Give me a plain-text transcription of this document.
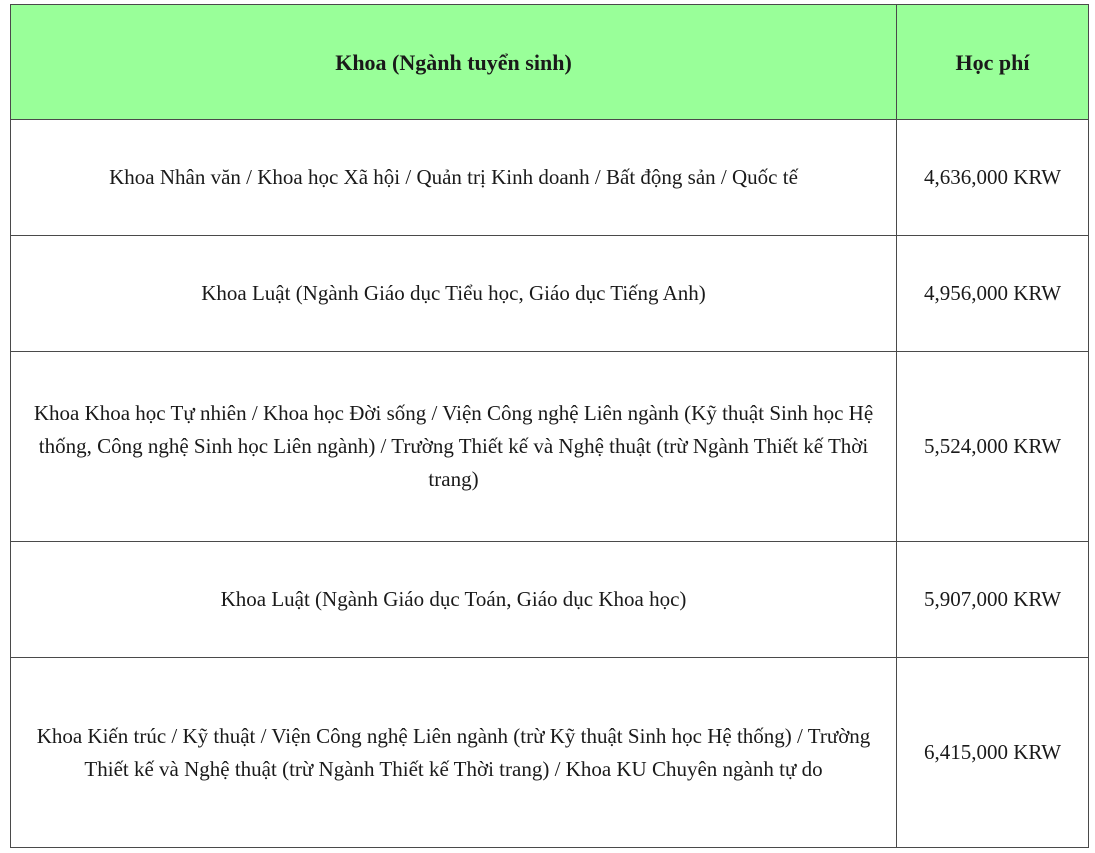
Khoa (Ngành tuyển sinh)	Học phí
Khoa Nhân văn / Khoa học Xã hội / Quản trị Kinh doanh / Bất động sản / Quốc tế	4,636,000 KRW
Khoa Luật (Ngành Giáo dục Tiểu học, Giáo dục Tiếng Anh)	4,956,000 KRW
Khoa Khoa học Tự nhiên / Khoa học Đời sống / Viện Công nghệ Liên ngành (Kỹ thuật Sinh học Hệ thống, Công nghệ Sinh học Liên ngành) / Trường Thiết kế và Nghệ thuật (trừ Ngành Thiết kế Thời trang)	5,524,000 KRW
Khoa Luật (Ngành Giáo dục Toán, Giáo dục Khoa học)	5,907,000 KRW
Khoa Kiến trúc / Kỹ thuật / Viện Công nghệ Liên ngành (trừ Kỹ thuật Sinh học Hệ thống) / Trường Thiết kế và Nghệ thuật (trừ Ngành Thiết kế Thời trang) / Khoa KU Chuyên ngành tự do	6,415,000 KRW
